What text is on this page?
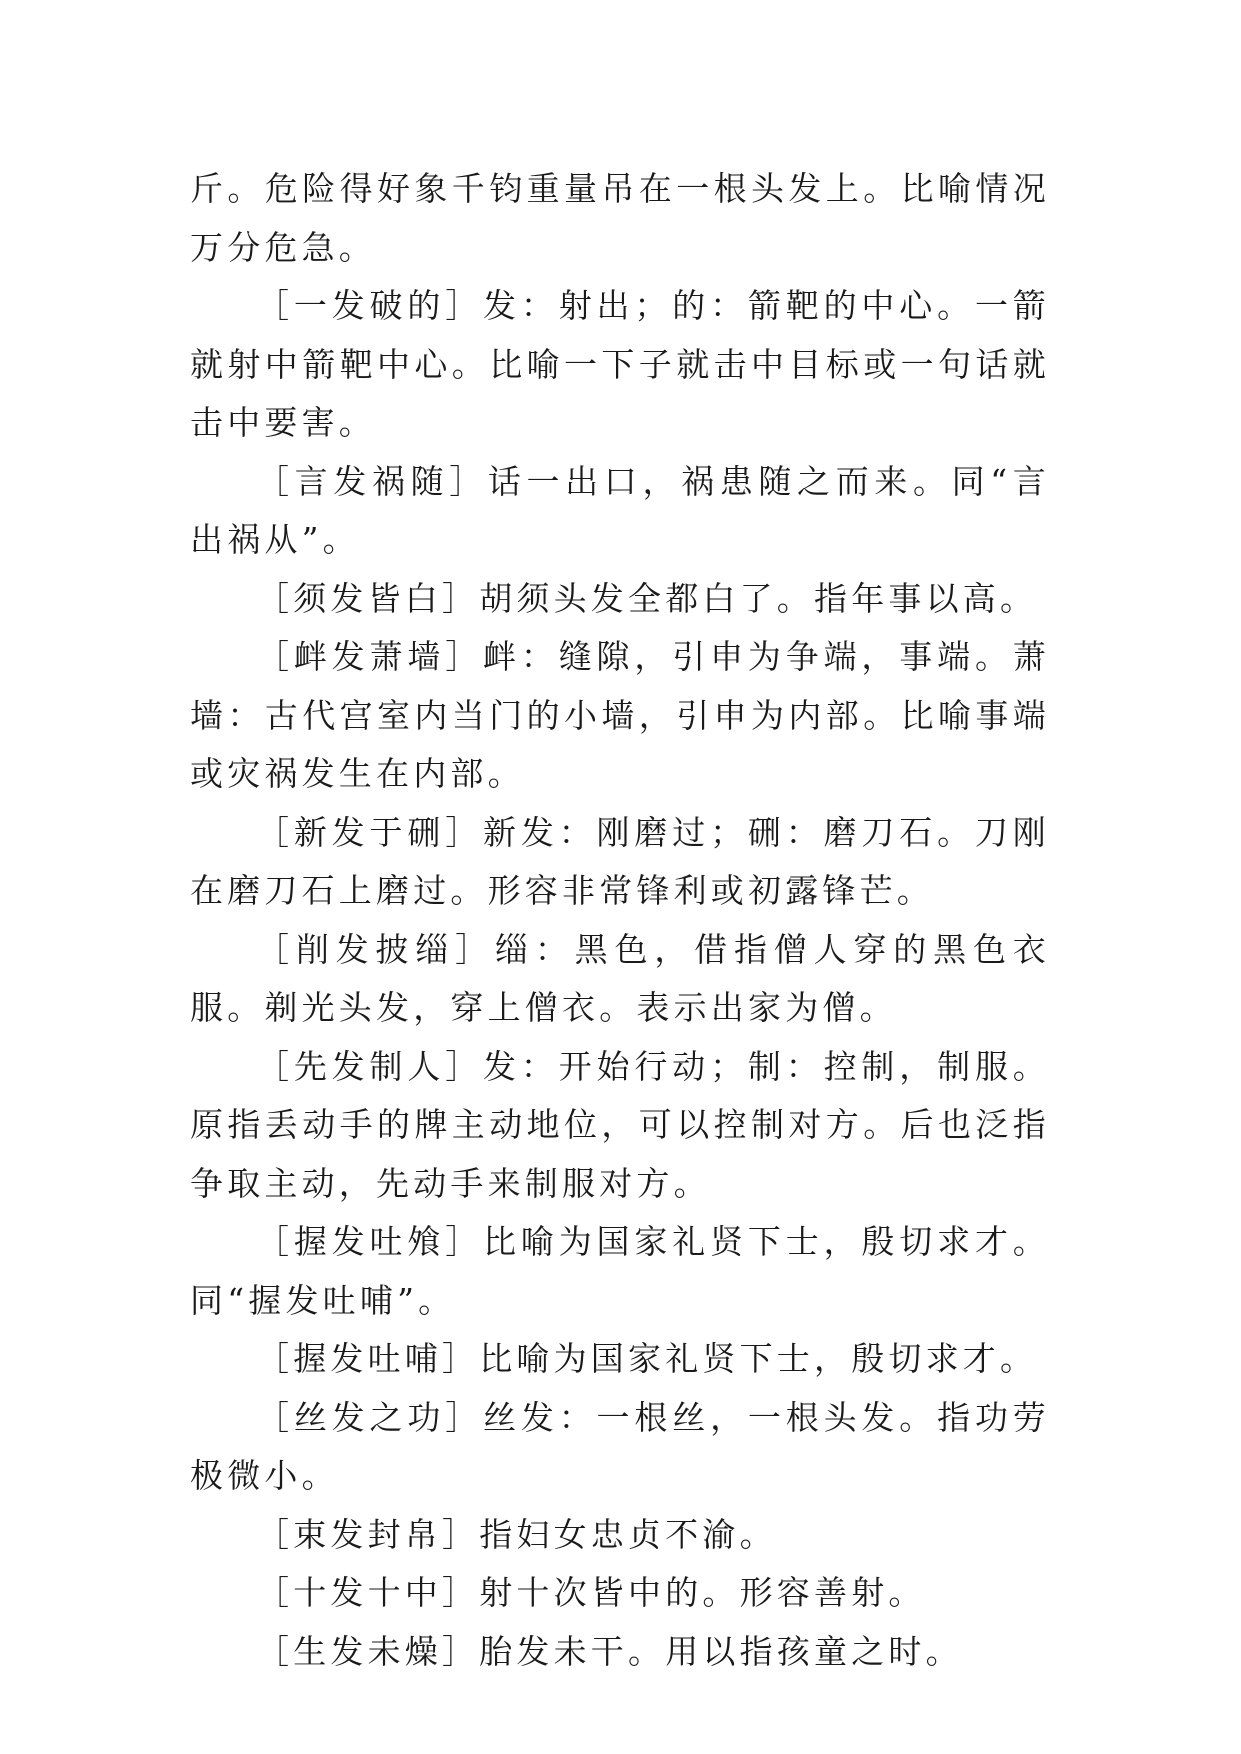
斤。危险得好象千钧重量吊在一根头发上。比喻情况万分危急。

［一发破的］发：射出；的：箭靶的中心。一箭就射中箭靶中心。比喻一下子就击中目标或一句话就击中要害。

［言发祸随］话一出口，祸患随之而来。同“言出祸从”。

［须发皆白］胡须头发全都白了。指年事以高。

［衅发萧墙］衅：缝隙，引申为争端，事端。萧墙：古代宫室内当门的小墙，引申为内部。比喻事端或灾祸发生在内部。

［新发于硎］新发：刚磨过；硎：磨刀石。刀刚在磨刀石上磨过。形容非常锋利或初露锋芒。

［削发披缁］缁：黑色，借指僧人穿的黑色衣服。剃光头发，穿上僧衣。表示出家为僧。

［先发制人］发：开始行动；制：控制，制服。原指丢动手的牌主动地位，可以控制对方。后也泛指争取主动，先动手来制服对方。

［握发吐飧］比喻为国家礼贤下士，殷切求才。同“握发吐哺”。

［握发吐哺］比喻为国家礼贤下士，殷切求才。

［丝发之功］丝发：一根丝，一根头发。指功劳极微小。

［束发封帛］指妇女忠贞不渝。

［十发十中］射十次皆中的。形容善射。

［生发未燥］胎发未干。用以指孩童之时。
